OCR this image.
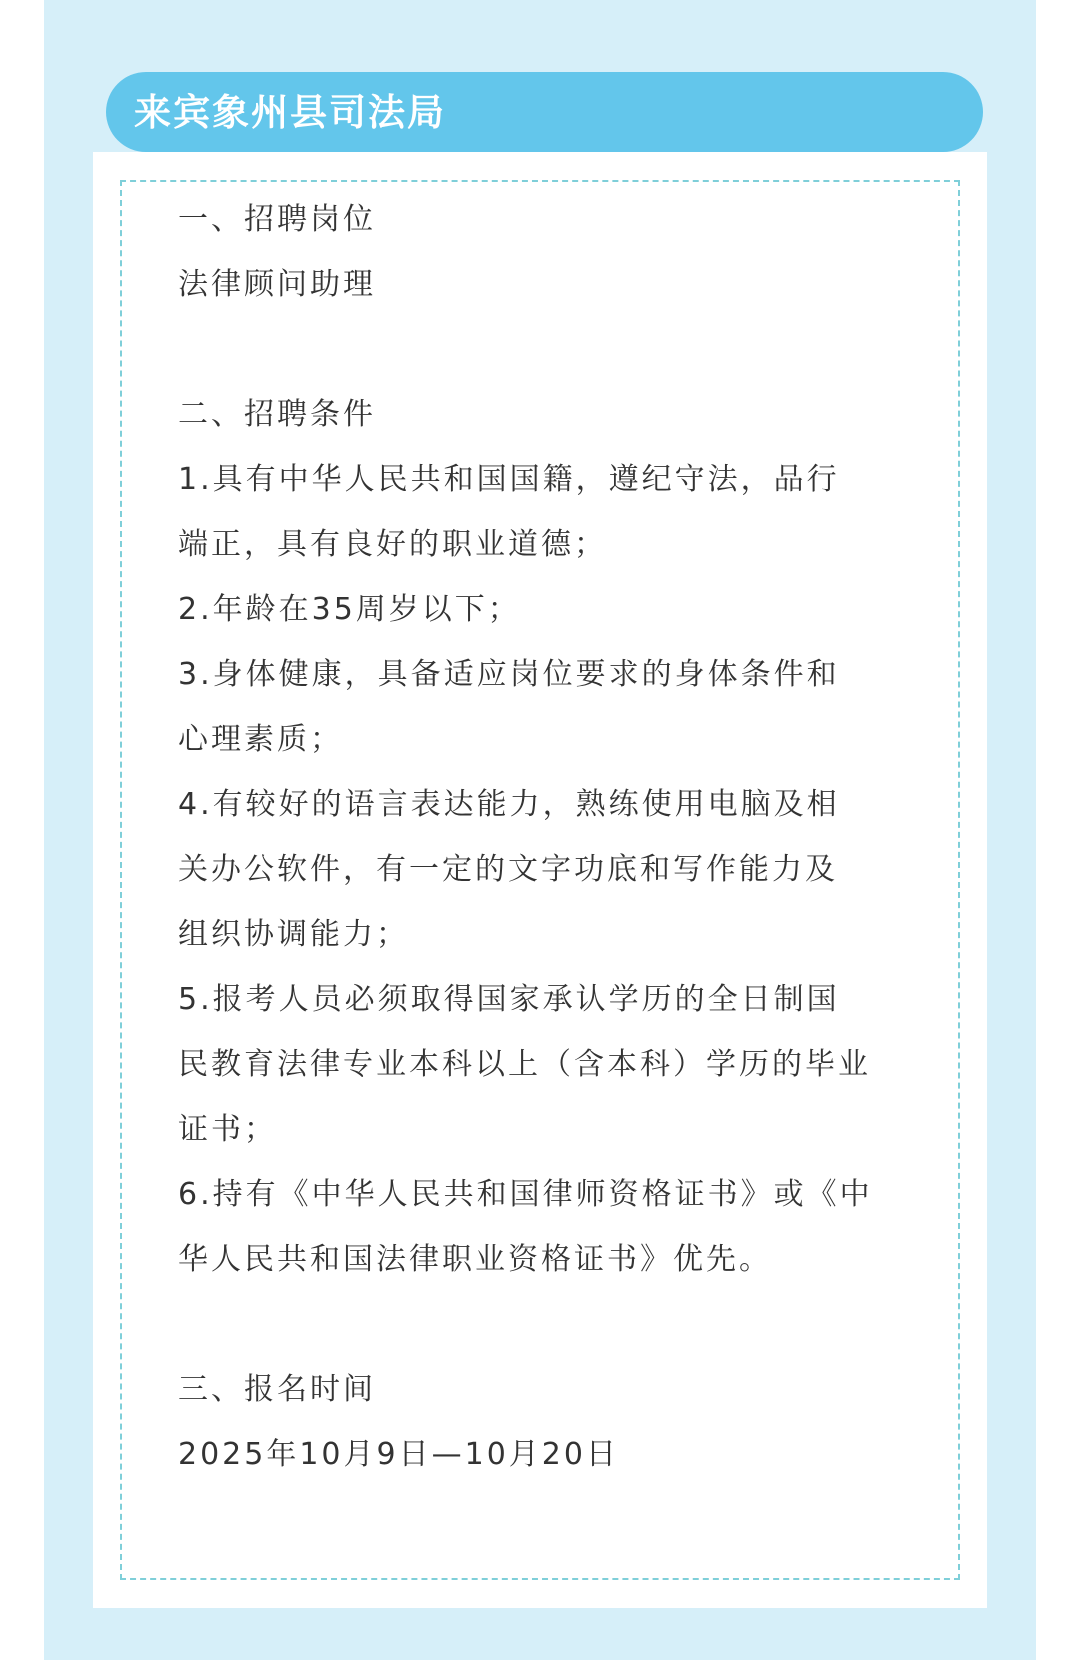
来宾象州县司法局
一、招聘岗位
法律顾问助理
二、招聘条件
1.具有中华人民共和国国籍，遵纪守法，品行
端正，具有良好的职业道德；
2.年龄在35周岁以下；
3.身体健康，具备适应岗位要求的身体条件和
心理素质；
4.有较好的语言表达能力，熟练使用电脑及相
关办公软件，有一定的文字功底和写作能力及
组织协调能力；
5.报考人员必须取得国家承认学历的全日制国
民教育法律专业本科以上（含本科）学历的毕业
证书；
6.持有《中华人民共和国律师资格证书》或《中
华人民共和国法律职业资格证书》优先。
三、报名时间
2025年10月9日—10月20日
